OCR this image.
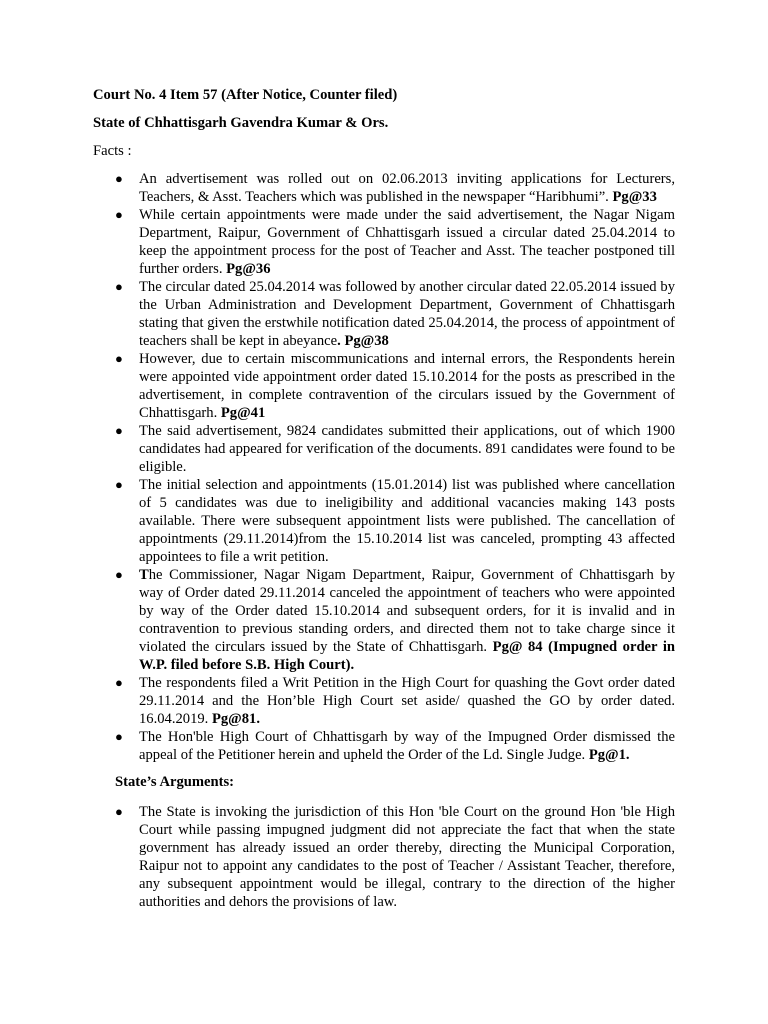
Court No. 4 Item 57 (After Notice, Counter filed)

State of Chhattisgarh Gavendra Kumar & Ors.

Facts :

● An advertisement was rolled out on 02.06.2013 inviting applications for Lecturers, Teachers, & Asst. Teachers which was published in the newspaper “Haribhumi”. Pg@33
● While certain appointments were made under the said advertisement, the Nagar Nigam Department, Raipur, Government of Chhattisgarh issued a circular dated 25.04.2014 to keep the appointment process for the post of Teacher and Asst. The teacher postponed till further orders. Pg@36
● The circular dated 25.04.2014 was followed by another circular dated 22.05.2014 issued by the Urban Administration and Development Department, Government of Chhattisgarh stating that given the erstwhile notification dated 25.04.2014, the process of appointment of teachers shall be kept in abeyance. Pg@38
● However, due to certain miscommunications and internal errors, the Respondents herein were appointed vide appointment order dated 15.10.2014 for the posts as prescribed in the advertisement, in complete contravention of the circulars issued by the Government of Chhattisgarh. Pg@41
● The said advertisement, 9824 candidates submitted their applications, out of which 1900 candidates had appeared for verification of the documents. 891 candidates were found to be eligible.
● The initial selection and appointments (15.01.2014) list was published where cancellation of 5 candidates was due to ineligibility and additional vacancies making 143 posts available. There were subsequent appointment lists were published. The cancellation of appointments (29.11.2014)from the 15.10.2014 list was canceled, prompting 43 affected appointees to file a writ petition.
● The Commissioner, Nagar Nigam Department, Raipur, Government of Chhattisgarh by way of Order dated 29.11.2014 canceled the appointment of teachers who were appointed by way of the Order dated 15.10.2014 and subsequent orders, for it is invalid and in contravention to previous standing orders, and directed them not to take charge since it violated the circulars issued by the State of Chhattisgarh. Pg@ 84 (Impugned order in W.P. filed before S.B. High Court).
● The respondents filed a Writ Petition in the High Court for quashing the Govt order dated 29.11.2014 and the Hon’ble High Court set aside/ quashed the GO by order dated. 16.04.2019. Pg@81.
● The Hon'ble High Court of Chhattisgarh by way of the Impugned Order dismissed the appeal of the Petitioner herein and upheld the Order of the Ld. Single Judge. Pg@1.

State’s Arguments:

● The State is invoking the jurisdiction of this Hon 'ble Court on the ground Hon 'ble High Court while passing impugned judgment did not appreciate the fact that when the state government has already issued an order thereby, directing the Municipal Corporation, Raipur not to appoint any candidates to the post of Teacher / Assistant Teacher, therefore, any subsequent appointment would be illegal, contrary to the direction of the higher authorities and dehors the provisions of law.
